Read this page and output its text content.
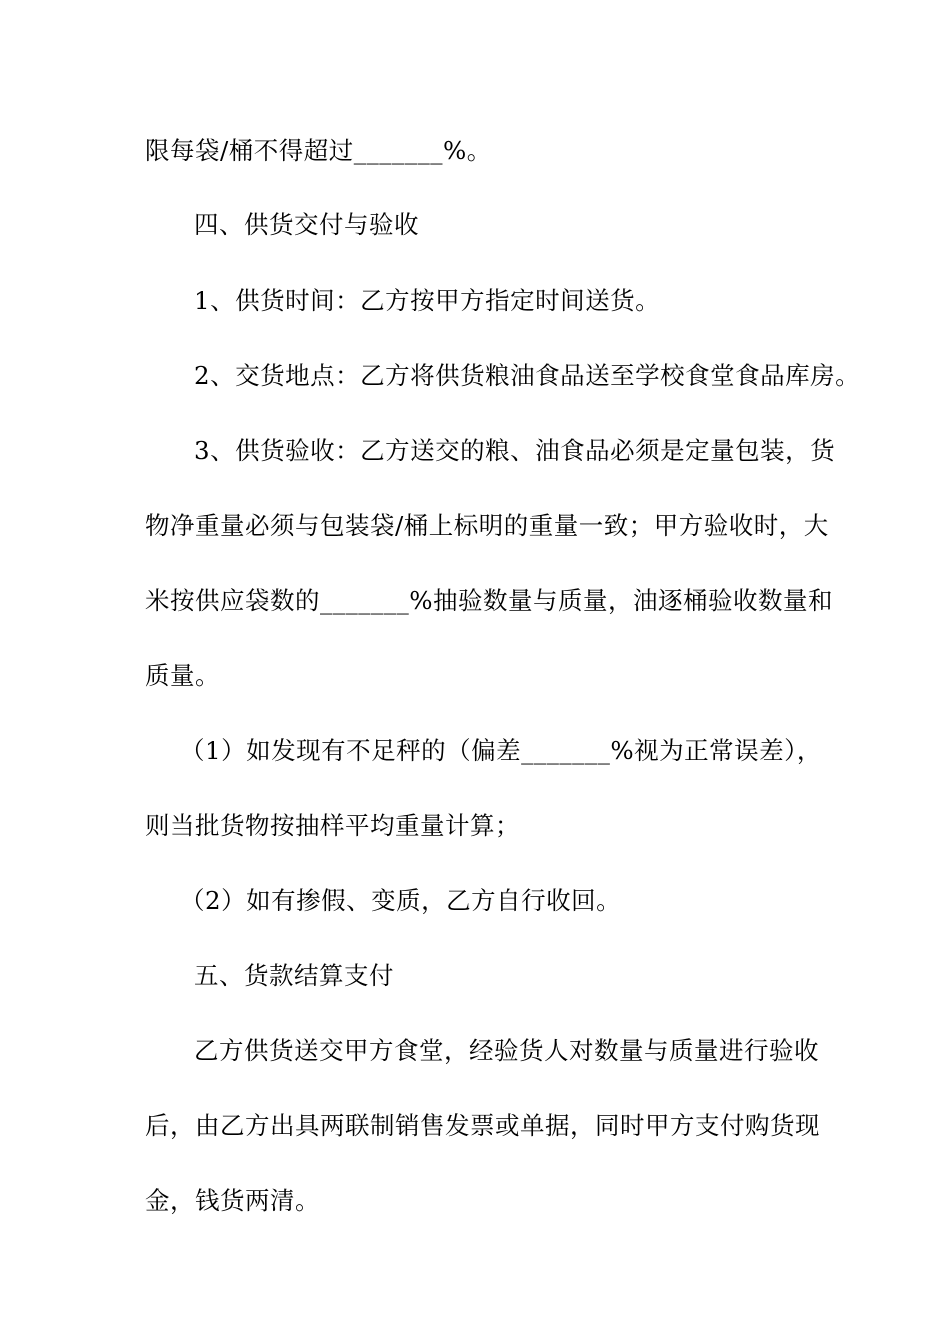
限每袋/桶不得超过_______%。
四、供货交付与验收
1、供货时间：乙方按甲方指定时间送货。
2、交货地点：乙方将供货粮油食品送至学校食堂食品库房。
3、供货验收：乙方送交的粮、油食品必须是定量包装，货
物净重量必须与包装袋/桶上标明的重量一致；甲方验收时，大
米按供应袋数的_______%抽验数量与质量，油逐桶验收数量和
质量。
（1）如发现有不足秤的（偏差_______%视为正常误差），
则当批货物按抽样平均重量计算；
（2）如有掺假、变质，乙方自行收回。
五、货款结算支付
乙方供货送交甲方食堂，经验货人对数量与质量进行验收
后，由乙方出具两联制销售发票或单据，同时甲方支付购货现
金，钱货两清。
